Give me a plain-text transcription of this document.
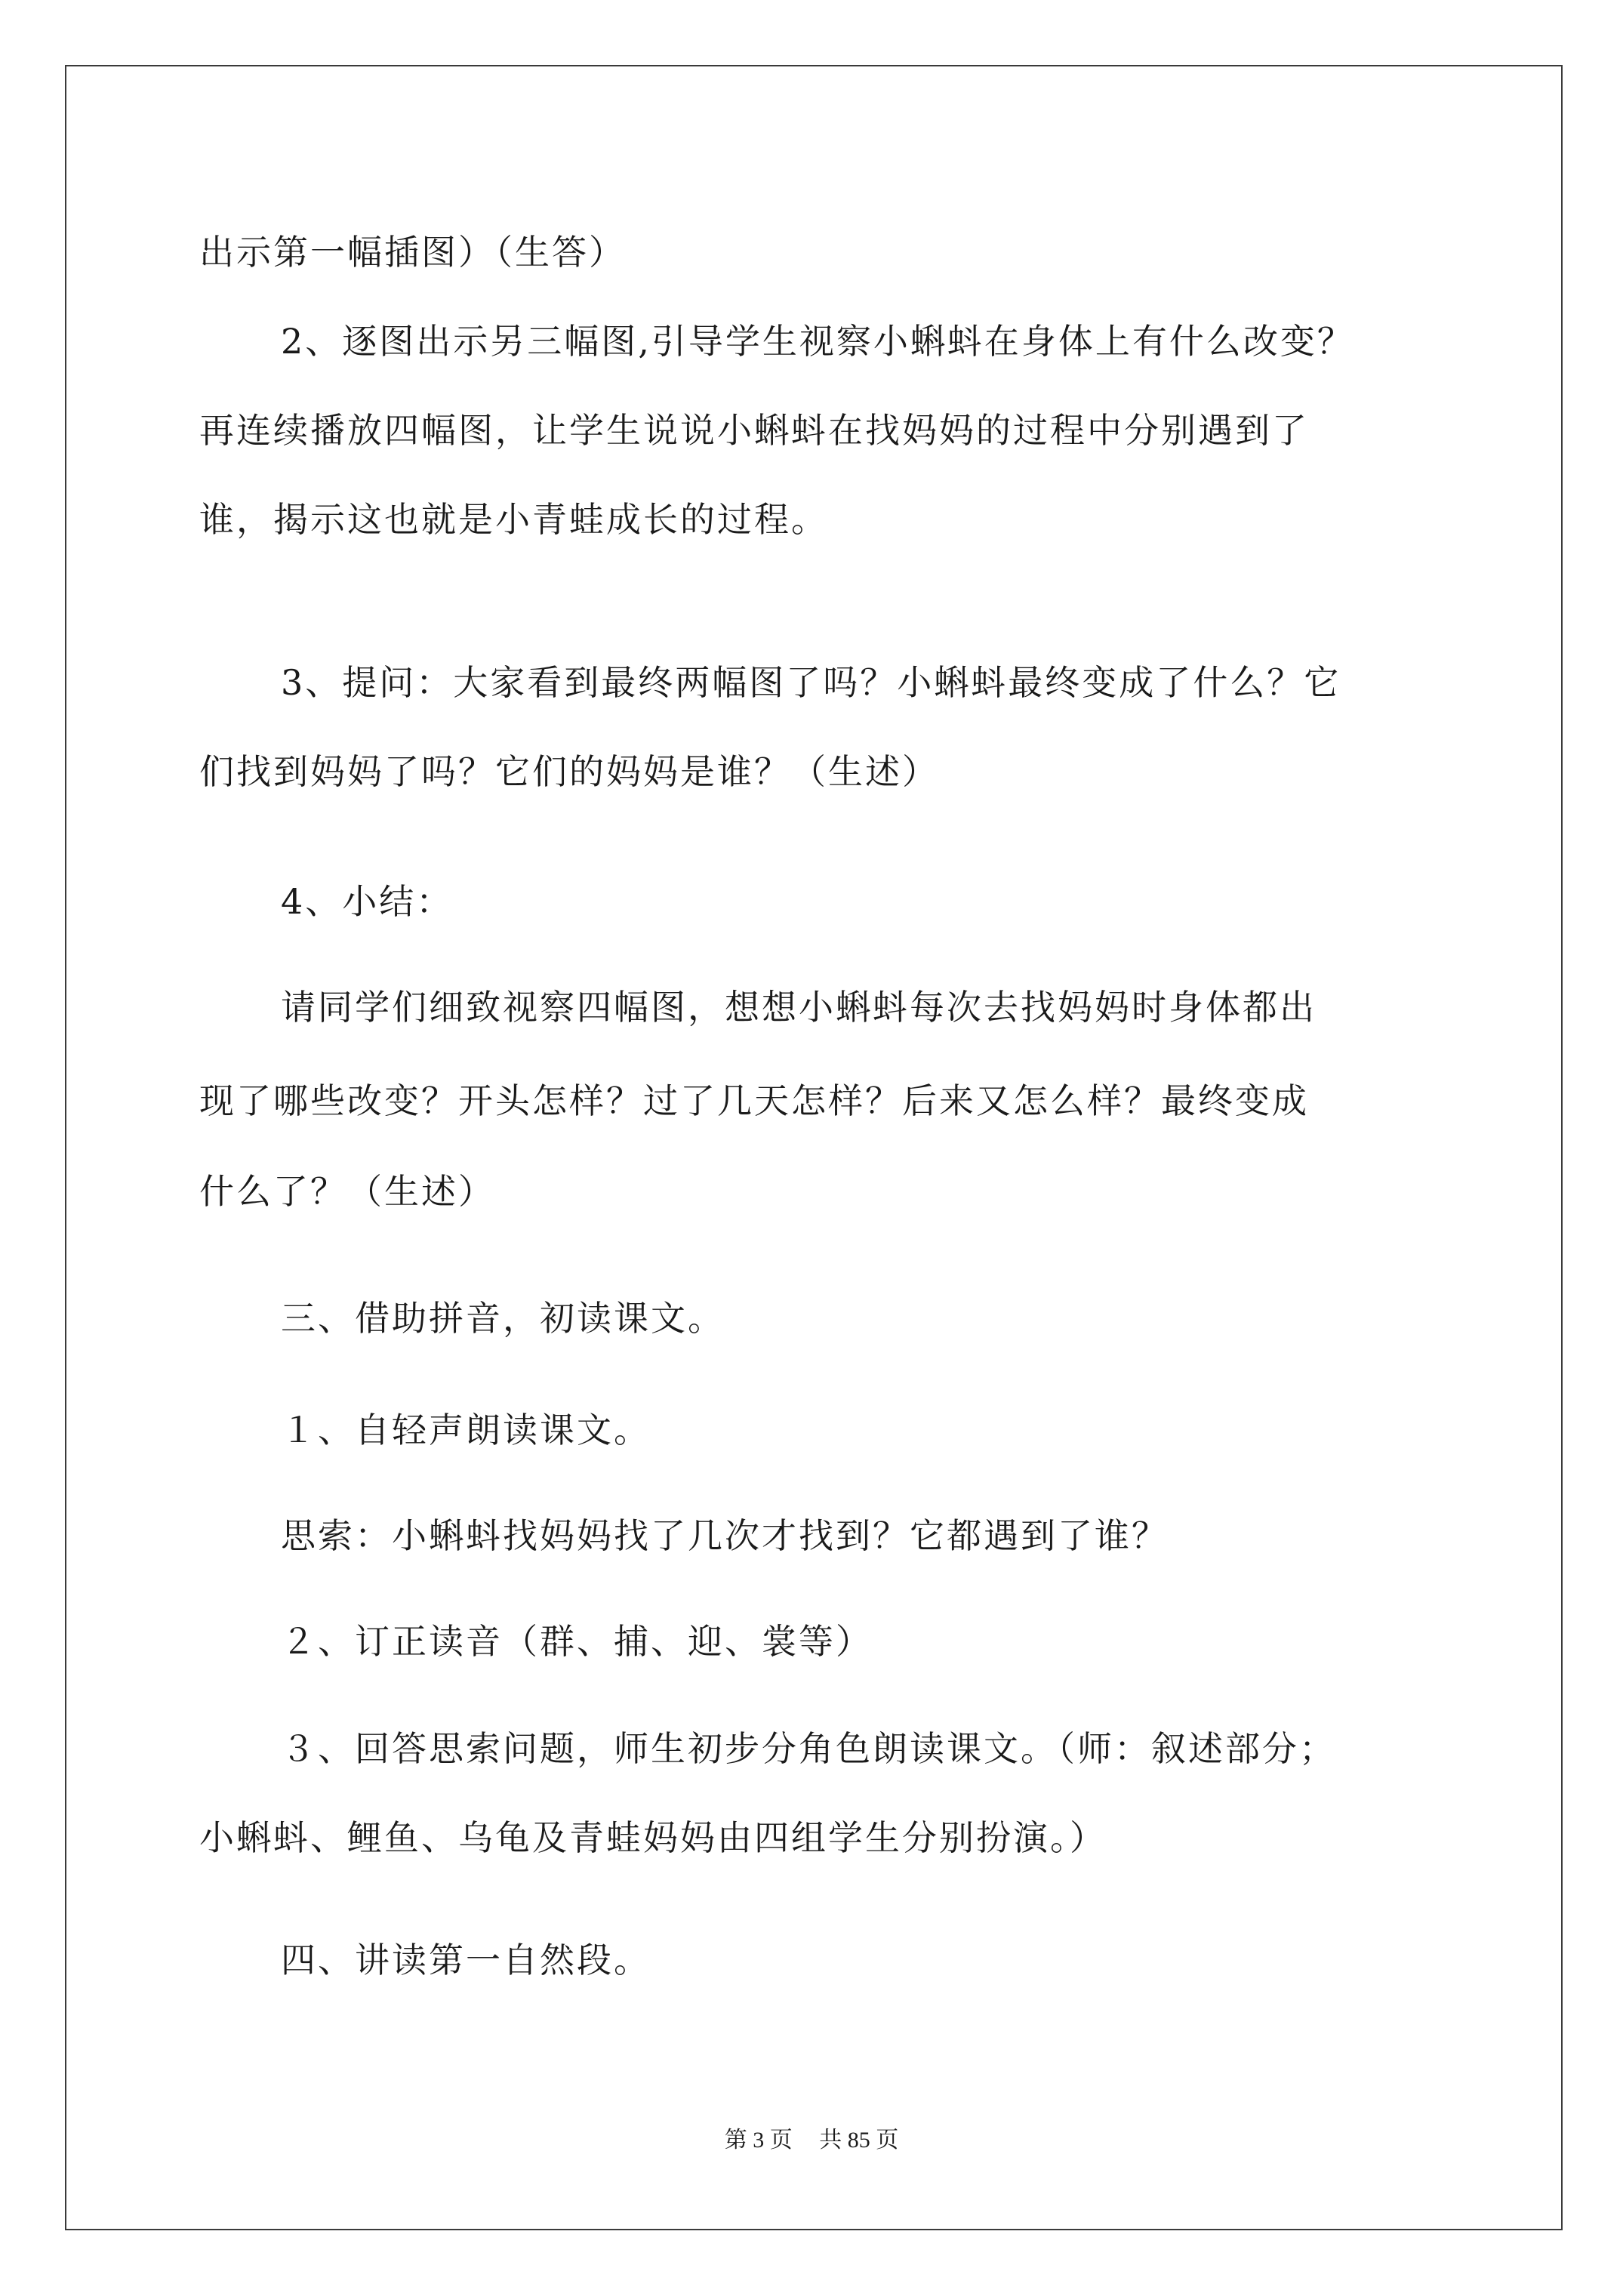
出示第一幅插图）（生答）
2、逐图出示另三幅图,引导学生视察小蝌蚪在身体上有什么改变？
再连续播放四幅图，让学生说说小蝌蚪在找妈妈的过程中分别遇到了
谁，揭示这也就是小青蛙成长的过程。
3、提问：大家看到最终两幅图了吗？小蝌蚪最终变成了什么？它
们找到妈妈了吗？它们的妈妈是谁？（生述）
4、小结：
请同学们细致视察四幅图，想想小蝌蚪每次去找妈妈时身体都出
现了哪些改变？开头怎样？过了几天怎样？后来又怎么样？最终变成
什么了？（生述）
三、借助拼音，初读课文。
１、自轻声朗读课文。
思索：小蝌蚪找妈妈找了几次才找到？它都遇到了谁？
２、订正读音（群、捕、迎、裳等）
３、回答思索问题，师生初步分角色朗读课文。（师：叙述部分；
小蝌蚪、鲤鱼、乌龟及青蛙妈妈由四组学生分别扮演。）
四、讲读第一自然段。
第 3 页 共 85 页
